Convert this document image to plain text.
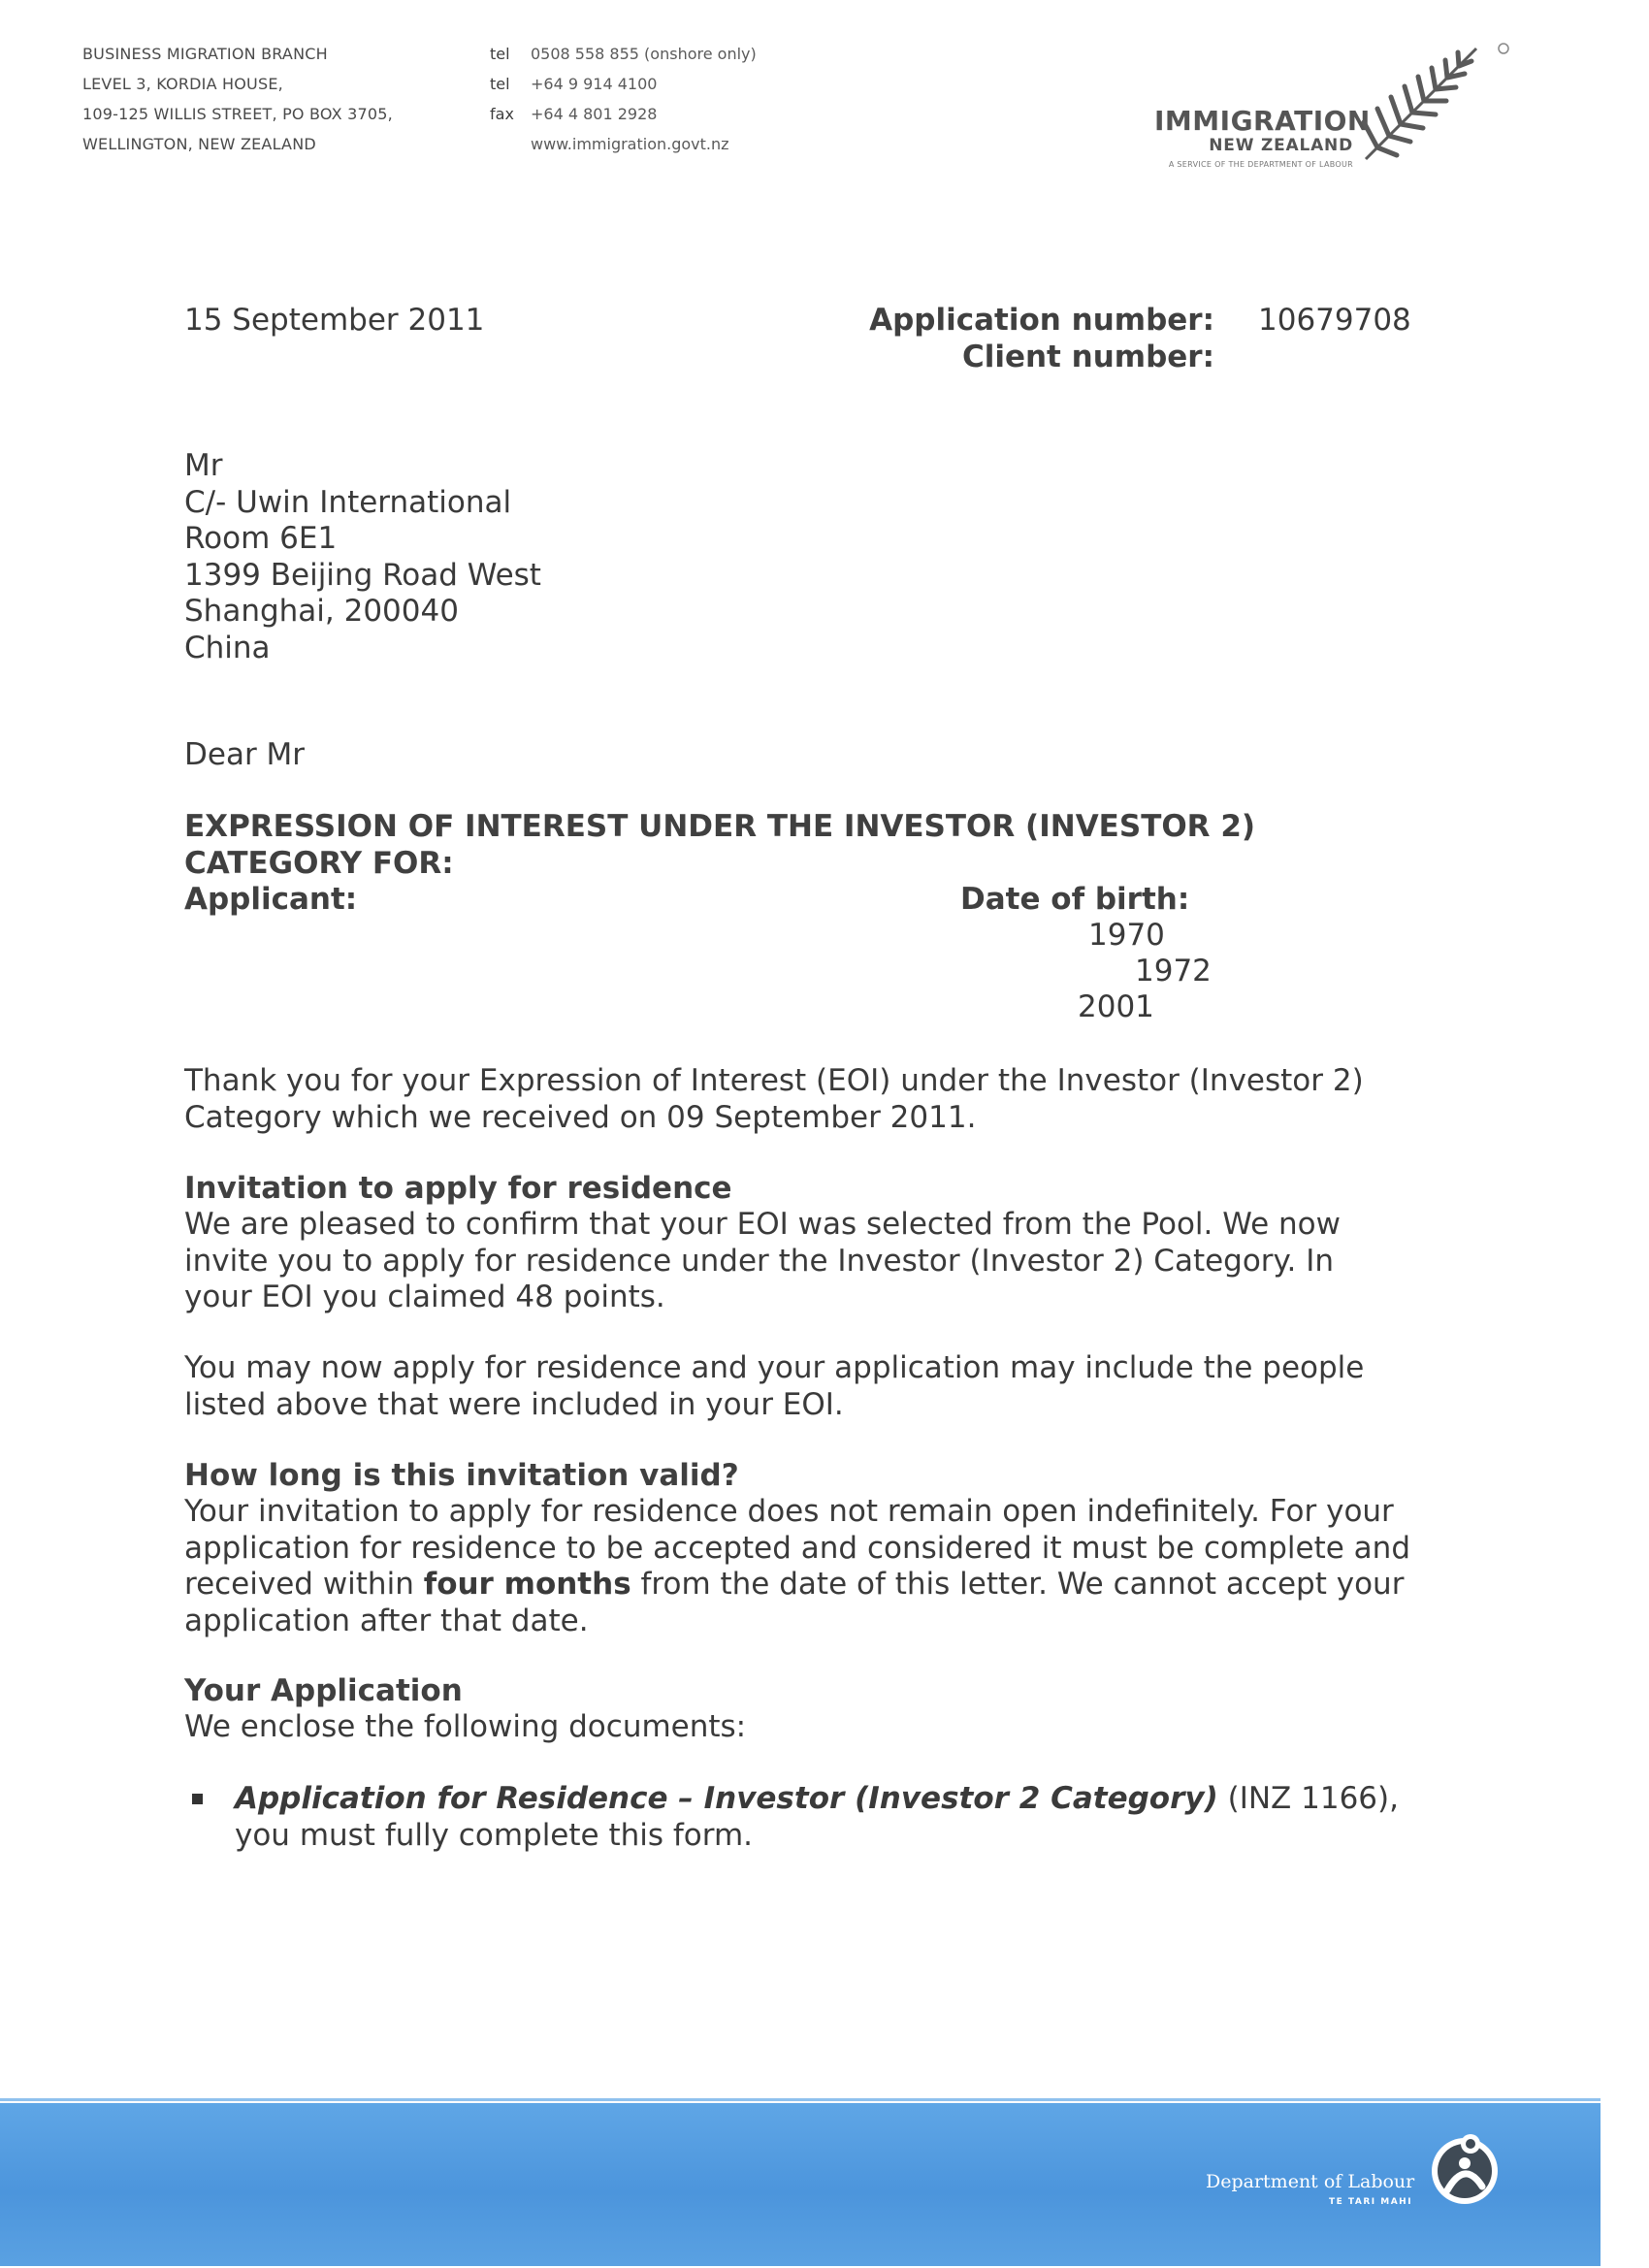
BUSINESS MIGRATION BRANCH
LEVEL 3, KORDIA HOUSE,
109-125 WILLIS STREET, PO BOX 3705,
WELLINGTON, NEW ZEALAND
tel 0508 558 855 (onshore only)
tel +64 9 914 4100
fax +64 4 801 2928
www.immigration.govt.nz
IMMIGRATION
NEW ZEALAND
A SERVICE OF THE DEPARTMENT OF LABOUR
15 September 2011	Application number:
Client number:
10679708
Mr
C/- Uwin International
Room 6E1
1399 Beijing Road West
Shanghai, 200040
China
Dear Mr
EXPRESSION OF INTEREST UNDER THE INVESTOR (INVESTOR 2)
CATEGORY FOR:
Applicant:	Date of birth:
1970
1972
2001
Thank you for your Expression of Interest (EOI) under the Investor (Investor 2)
Category which we received on 09 September 2011.
Invitation to apply for residence
We are pleased to confirm that your EOI was selected from the Pool. We now
invite you to apply for residence under the Investor (Investor 2) Category. In
your EOI you claimed 48 points.
You may now apply for residence and your application may include the people
listed above that were included in your EOI.
How long is this invitation valid?
Your invitation to apply for residence does not remain open indefinitely. For your
application for residence to be accepted and considered it must be complete and
received within four months from the date of this letter. We cannot accept your
application after that date.
Your Application
We enclose the following documents:
Application for Residence – Investor (Investor 2 Category) (INZ 1166),
you must fully complete this form.
Department of Labour
TE TARI MAHI
